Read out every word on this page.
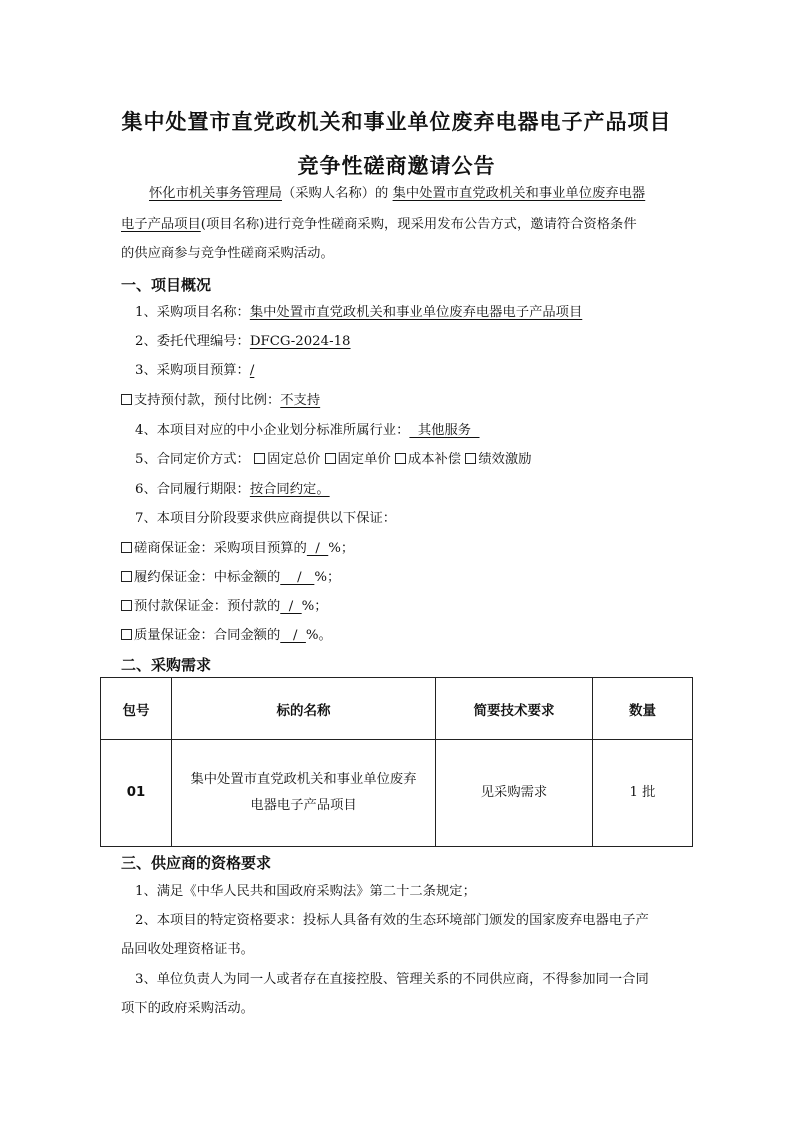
集中处置市直党政机关和事业单位废弃电器电子产品项目
竞争性磋商邀请公告
怀化市机关事务管理局（采购人名称）的 集中处置市直党政机关和事业单位废弃电器
电子产品项目(项目名称)进行竞争性磋商采购，现采用发布公告方式，邀请符合资格条件
的供应商参与竞争性磋商采购活动。
一、项目概况
1、采购项目名称：集中处置市直党政机关和事业单位废弃电器电子产品项目
2、委托代理编号：DFCG-2024-18
3、采购项目预算：/
支持预付款，预付比例：不支持
4、本项目对应的中小企业划分标准所属行业：  其他服务
5、合同定价方式： 固定总价 固定单价 成本补偿 绩效激励
6、合同履行期限：按合同约定。
7、本项目分阶段要求供应商提供以下保证：
磋商保证金：采购项目预算的  /  %；
履约保证金：中标金额的    /   %；
预付款保证金：预付款的  /  %；
质量保证金：合同金额的   /  %。
二、采购需求
包号	标的名称	简要技术要求	数量
01	集中处置市直党政机关和事业单位废弃
电器电子产品项目	见采购需求	1 批
三、供应商的资格要求
1、满足《中华人民共和国政府采购法》第二十二条规定；
2、本项目的特定资格要求：投标人具备有效的生态环境部门颁发的国家废弃电器电子产
品回收处理资格证书。
3、单位负责人为同一人或者存在直接控股、管理关系的不同供应商，不得参加同一合同
项下的政府采购活动。
